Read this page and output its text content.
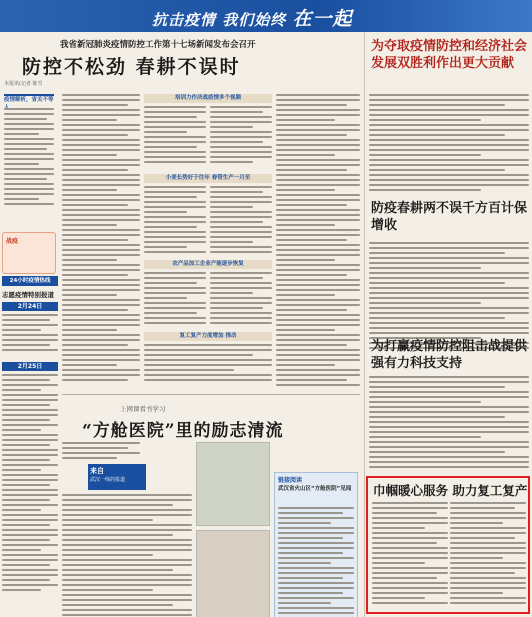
抗击疫情 我们始终 在一起
我省新冠肺炎疫情防控工作第十七场新闻发布会召开
防控不松劲 春耕不误时
本报讯(记者 陈雪
疫情解析，省关不等
战疫
24小时疫情热线
志愿疫情特别报道
2月24日
2月25日
培训力作决战疫情多个视频
小麦长势好于往年 春管生产一月至
农产品加工企业产能逐步恢复
复工复产力度增加 推动
上网课看书学习
“方舱医院”里的励志清流
来自
武汉一线的报道	链接阅读
武汉省火山区“方舱医院”见闻
为夺取疫情防控和经济社会发展双胜利作出更大贡献
防疫春耕两不误千方百计保增收
为打赢疫情防控阻击战提供强有力科技支持
巾帼暖心服务 助力复工复产
